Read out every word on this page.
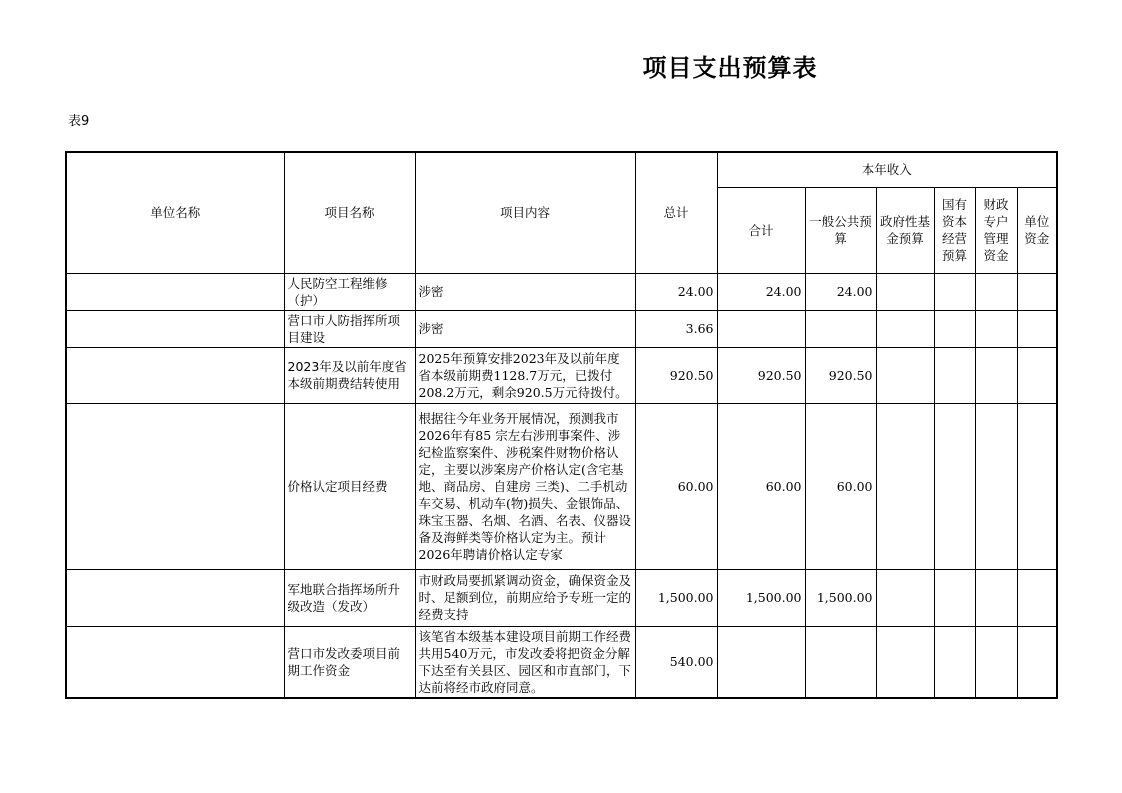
项目支出预算表
表9
单位名称	项目名称	项目内容	总计	本年收入					
				合计	一般公共预算	政府性基金预算	国有资本经营预算	财政专户管理资金	单位资金
	人民防空工程维修（护）	涉密	24.00	24.00	24.00				
	营口市人防指挥所项目建设	涉密	3.66						
	2023年及以前年度省本级前期费结转使用	2025年预算安排2023年及以前年度省本级前期费1128.7万元，已拨付208.2万元，剩余920.5万元待拨付。	920.50	920.50	920.50				
	价格认定项目经费	根据往今年业务开展情况，预测我市2026年有85 宗左右涉刑事案件、涉纪检监察案件、涉税案件财物价格认定，主要以涉案房产价格认定(含宅基地、商品房、自建房 三类)、二手机动车交易、机动车(物)损失、金银饰品、珠宝玉器、名烟、名酒、名表、仪器设备及海鲜类等价格认定为主。预计2026年聘请价格认定专家	60.00	60.00	60.00				
	军地联合指挥场所升级改造（发改）	市财政局要抓紧调动资金，确保资金及时、足额到位，前期应给予专班一定的经费支持	1,500.00	1,500.00	1,500.00				
	营口市发改委项目前期工作资金	该笔省本级基本建设项目前期工作经费共用540万元，市发改委将把资金分解下达至有关县区、园区和市直部门，下达前将经市政府同意。	540.00						
